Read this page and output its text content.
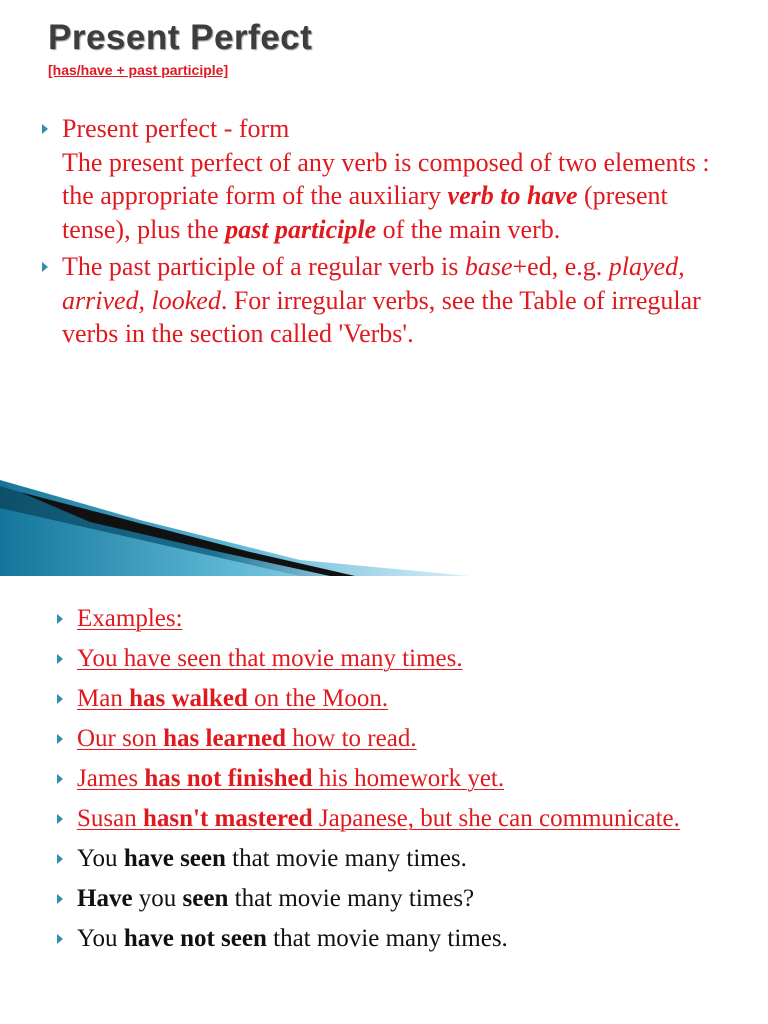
Present Perfect
[has/have + past participle]
Present perfect - form
The present perfect of any verb is composed of two elements : the appropriate form of the auxiliary verb to have (present tense), plus the past participle of the main verb.
The past participle of a regular verb is base+ed, e.g. played, arrived, looked. For irregular verbs, see the Table of irregular verbs in the section called 'Verbs'.
Examples:
You have seen that movie many times.
Man has walked on the Moon.
Our son has learned how to read.
James has not finished his homework yet.
Susan hasn't mastered Japanese, but she can communicate.
You have seen that movie many times.
Have you seen that movie many times?
You have not seen that movie many times.
